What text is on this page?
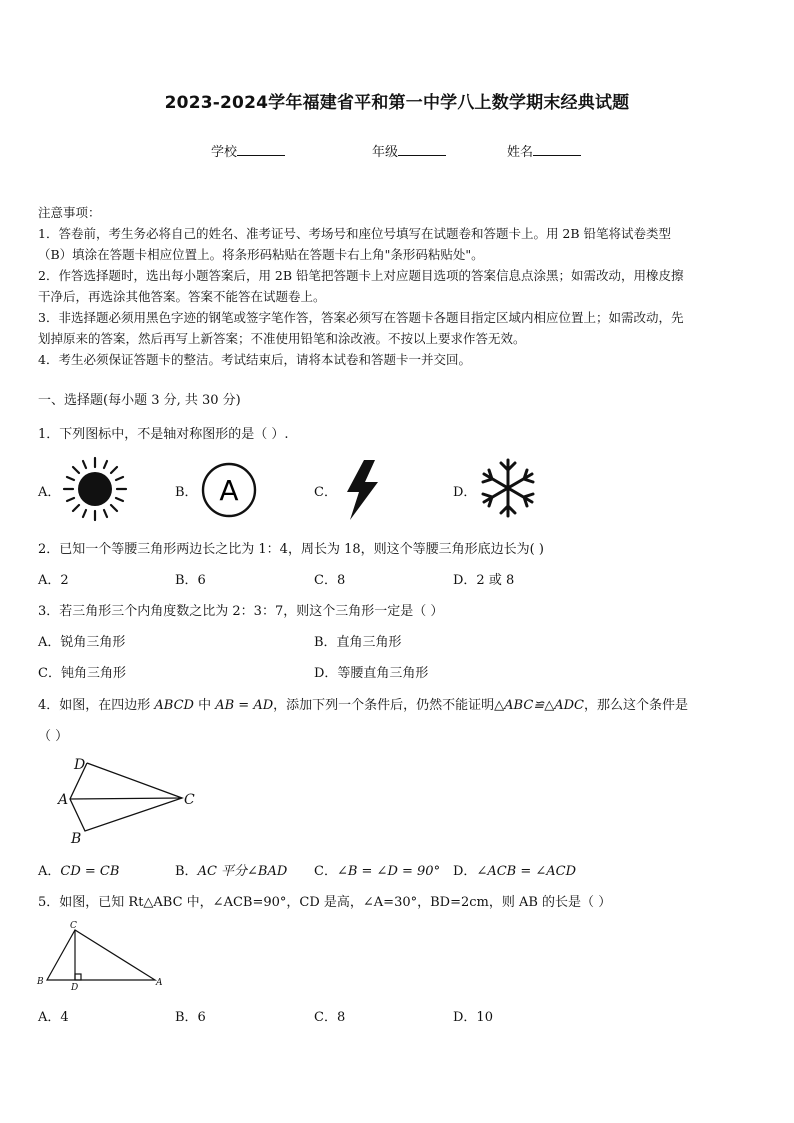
2023-2024学年福建省平和第一中学八上数学期末经典试题
学校	年级	姓名

注意事项：

1．答卷前，考生务必将自己的姓名、准考证号、考场号和座位号填写在试题卷和答题卡上。用 2B 铅笔将试卷类型

（B）填涂在答题卡相应位置上。将条形码粘贴在答题卡右上角"条形码粘贴处"。

2．作答选择题时，选出每小题答案后，用 2B 铅笔把答题卡上对应题目选项的答案信息点涂黑；如需改动，用橡皮擦

干净后，再选涂其他答案。答案不能答在试题卷上。

3．非选择题必须用黑色字迹的钢笔或签字笔作答，答案必须写在答题卡各题目指定区域内相应位置上；如需改动，先

划掉原来的答案，然后再写上新答案；不准使用铅笔和涂改液。不按以上要求作答无效。

4．考生必须保证答题卡的整洁。考试结束后，请将本试卷和答题卡一并交回。

一、选择题(每小题 3 分, 共 30 分)
1．下列图标中，不是轴对称图形的是（ ）.
A．	B． A	C．	D．
2．已知一个等腰三角形两边长之比为 1：4，周长为 18，则这个等腰三角形底边长为( )
A．2	B．6	C．8	D．2 或 8
3．若三角形三个内角度数之比为 2：3：7，则这个三角形一定是（ ）
A．锐角三角形	B．直角三角形
C．钝角三角形	D．等腰直角三角形
4．如图，在四边形 ABCD 中 AB = AD，添加下列一个条件后，仍然不能证明△ABC≌△ADC，那么这个条件是
（ ）
D
A
B
C
A．CD = CB	B．AC 平分∠BAD C．∠B = ∠D = 90° D．∠ACB = ∠ACD
5．如图，已知 Rt△ABC 中，∠ACB=90°，CD 是高，∠A=30°，BD=2cm，则 AB 的长是（ ）
C
B
D	A
A．4	B．6	C．8	D．10
